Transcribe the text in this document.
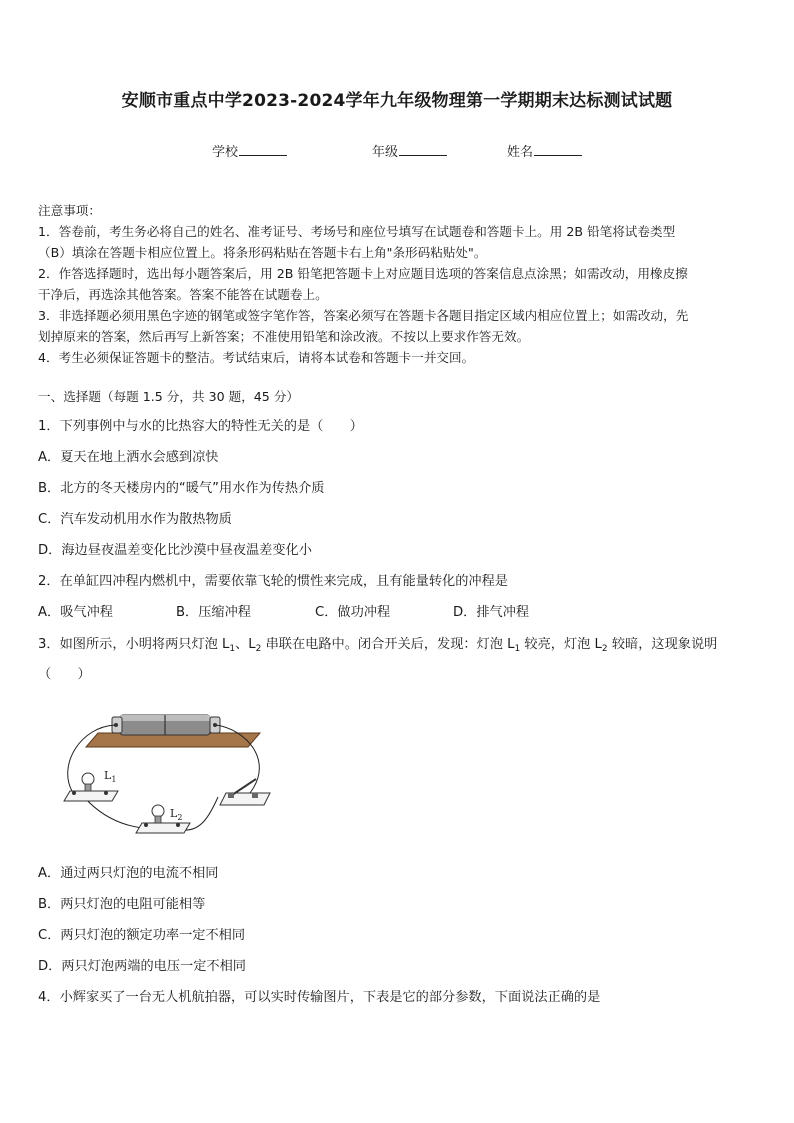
安顺市重点中学2023-2024学年九年级物理第一学期期末达标测试试题
学校	年级	姓名
注意事项：
1．答卷前，考生务必将自己的姓名、准考证号、考场号和座位号填写在试题卷和答题卡上。用 2B 铅笔将试卷类型
（B）填涂在答题卡相应位置上。将条形码粘贴在答题卡右上角"条形码粘贴处"。
2．作答选择题时，选出每小题答案后，用 2B 铅笔把答题卡上对应题目选项的答案信息点涂黑；如需改动，用橡皮擦
干净后，再选涂其他答案。答案不能答在试题卷上。
3．非选择题必须用黑色字迹的钢笔或签字笔作答，答案必须写在答题卡各题目指定区域内相应位置上；如需改动，先
划掉原来的答案，然后再写上新答案；不准使用铅笔和涂改液。不按以上要求作答无效。
4．考生必须保证答题卡的整洁。考试结束后，请将本试卷和答题卡一并交回。
一、选择题（每题 1.5 分，共 30 题，45 分）
1．下列事例中与水的比热容大的特性无关的是（　　）
A．夏天在地上洒水会感到凉快
B．北方的冬天楼房内的“暖气”用水作为传热介质
C．汽车发动机用水作为散热物质
D．海边昼夜温差变化比沙漠中昼夜温差变化小
2．在单缸四冲程内燃机中，需要依靠飞轮的惯性来完成，且有能量转化的冲程是
A．吸气冲程	B．压缩冲程	C．做功冲程	D．排气冲程
3．如图所示，小明将两只灯泡 $L_1$、$L_2$ 串联在电路中。闭合开关后，发现：灯泡 $L_1$ 较亮，灯泡 $L_2$ 较暗，这现象说明
（　　）
$L_1$
$L_2$
A．通过两只灯泡的电流不相同
B．两只灯泡的电阻可能相等
C．两只灯泡的额定功率一定不相同
D．两只灯泡两端的电压一定不相同
4．小辉家买了一台无人机航拍器，可以实时传输图片，下表是它的部分参数，下面说法正确的是
